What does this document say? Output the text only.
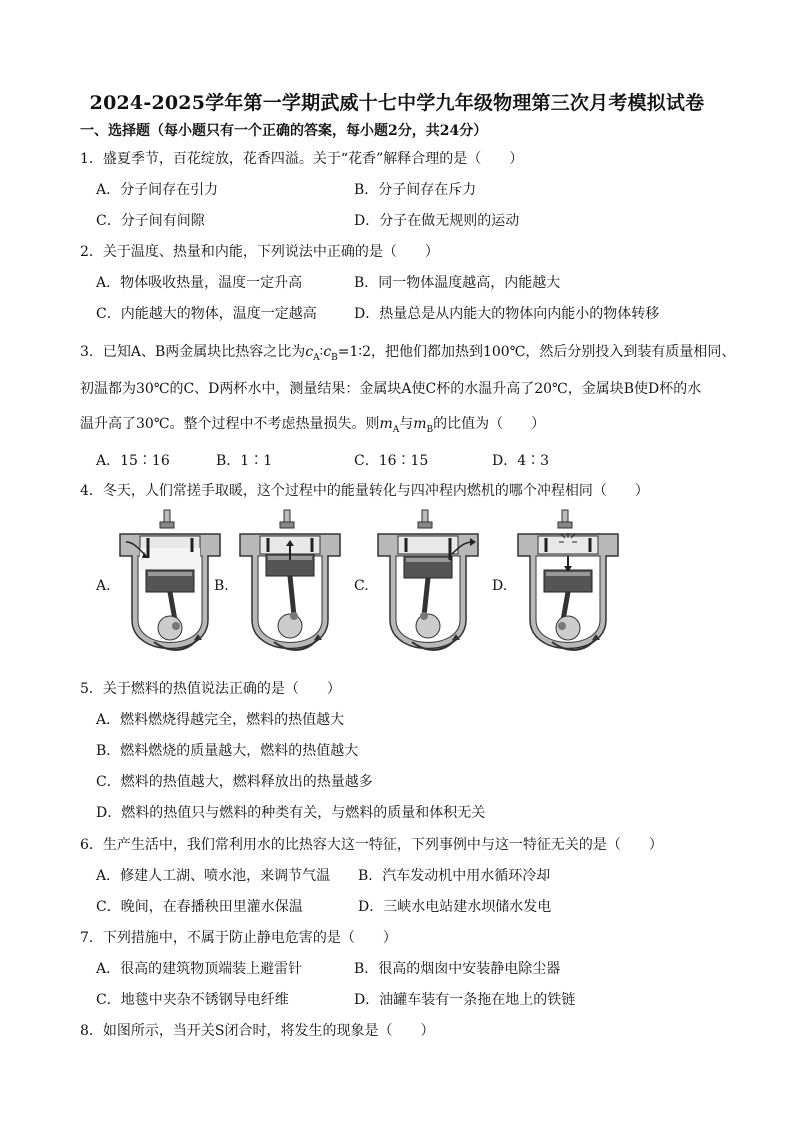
2024-2025学年第一学期武威十七中学九年级物理第三次月考模拟试卷
一、选择题（每小题只有一个正确的答案，每小题2分，共24分）
1．盛夏季节，百花绽放，花香四溢。关于“花香”解释合理的是（　　）
A．分子间存在引力	B．分子间存在斥力
C．分子间有间隙	D．分子在做无规则的运动
2．关于温度、热量和内能，下列说法中正确的是（　　）
A．物体吸收热量，温度一定升高	B．同一物体温度越高，内能越大
C．内能越大的物体，温度一定越高	D．热量总是从内能大的物体向内能小的物体转移
3．已知A、B两金属块比热容之比为$c_A∶c_B=1∶2$，把他们都加热到100℃，然后分别投入到装有质量相同、
初温都为30℃的C、D两杯水中，测量结果：金属块A使C杯的水温升高了20℃，金属块B使D杯的水
温升高了30℃。整个过程中不考虑热量损失。则$m_A$与$m_B$的比值为（　　）
A．15∶16	B．1∶1	C．16∶15	D．4∶3
4．冬天，人们常搓手取暖，这个过程中的能量转化与四冲程内燃机的哪个冲程相同（　　）
A.	B.	C.	D.
5．关于燃料的热值说法正确的是（　　）
A．燃料燃烧得越完全，燃料的热值越大
B．燃料燃烧的质量越大，燃料的热值越大
C．燃料的热值越大，燃料释放出的热量越多
D．燃料的热值只与燃料的种类有关，与燃料的质量和体积无关
6．生产生活中，我们常利用水的比热容大这一特征，下列事例中与这一特征无关的是（　　）
A．修建人工湖、喷水池，来调节气温 B．汽车发动机中用水循环冷却
C．晚间，在春播秧田里灌水保温	D．三峡水电站建水坝储水发电
7．下列措施中，不属于防止静电危害的是（　　）
A．很高的建筑物顶端装上避雷针	B．很高的烟囱中安装静电除尘器
C．地毯中夹杂不锈钢导电纤维	D．油罐车装有一条拖在地上的铁链
8．如图所示，当开关S闭合时，将发生的现象是（　　）
